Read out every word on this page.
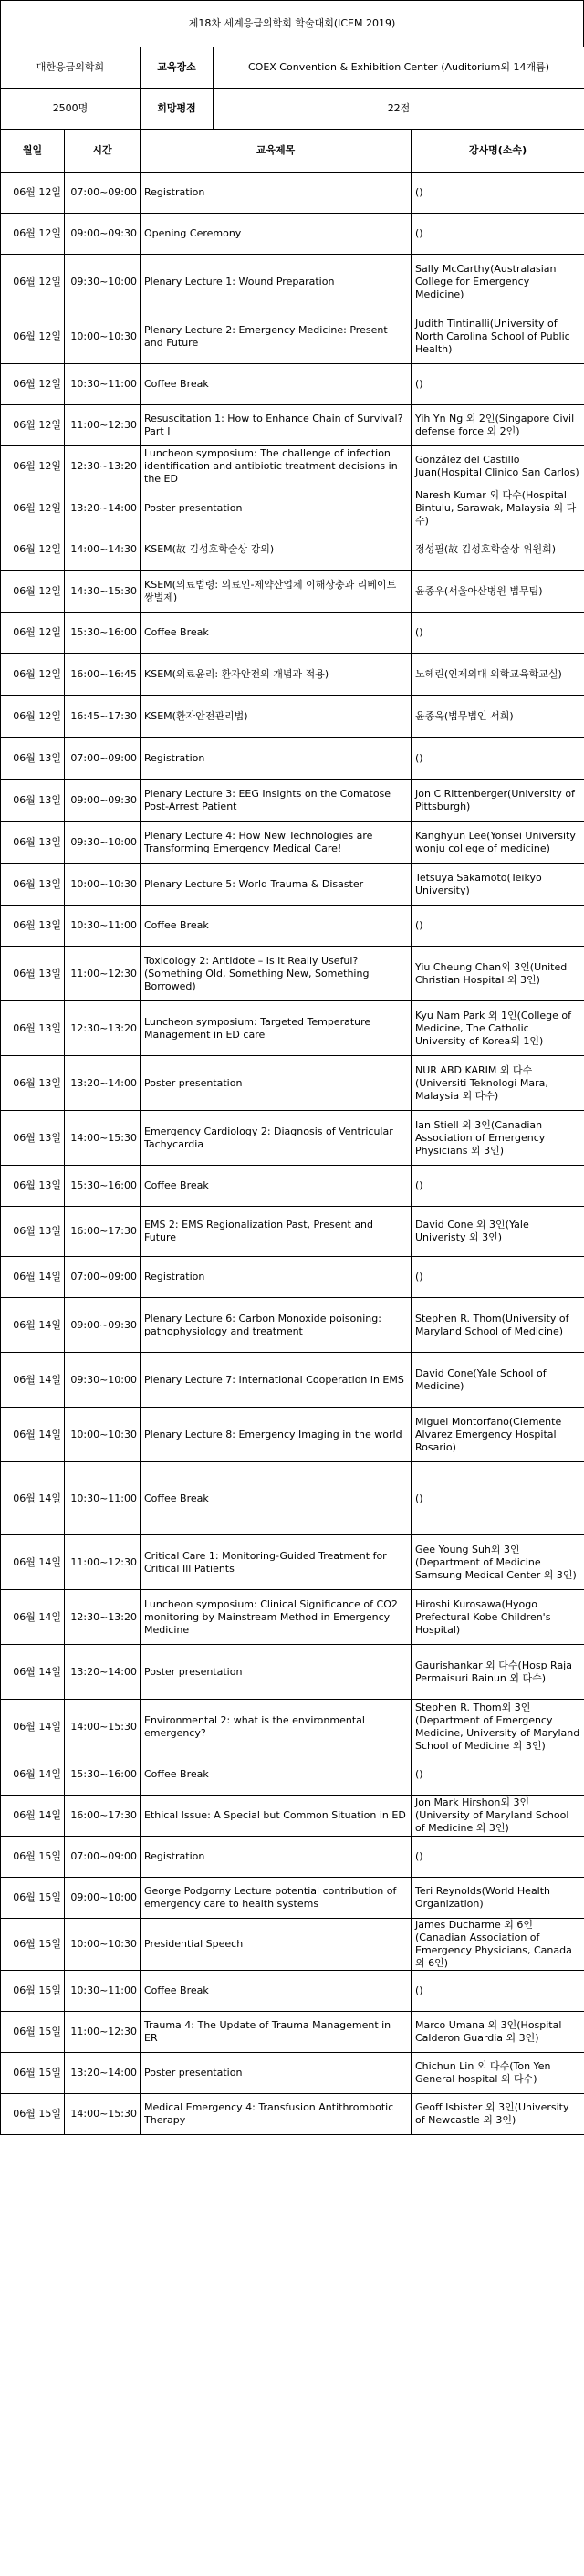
제18차 세계응급의학회 학술대회(ICEM 2019)
대한응급의학회	교육장소	COEX Convention & Exhibition Center (Auditorium외 14개룸)
2500명	희망평점	22점
월일	시간	교육제목	강사명(소속)
06월 12일	07:00~09:00	Registration	()
06월 12일	09:00~09:30	Opening Ceremony	()
06월 12일	09:30~10:00	Plenary Lecture 1: Wound Preparation	Sally McCarthy(Australasian College for Emergency Medicine)
06월 12일	10:00~10:30	Plenary Lecture 2: Emergency Medicine: Present and Future	Judith Tintinalli(University of North Carolina School of Public Health)
06월 12일	10:30~11:00	Coffee Break	()
06월 12일	11:00~12:30	Resuscitation 1: How to Enhance Chain of Survival? Part I	Yih Yn Ng 외 2인(Singapore Civil defense force 외 2인)
06월 12일	12:30~13:20	Luncheon symposium: The challenge of infection identification and antibiotic treatment decisions in the ED	González del Castillo Juan(Hospital Clinico San Carlos)
06월 12일	13:20~14:00	Poster presentation	Naresh Kumar 외 다수(Hospital Bintulu, Sarawak, Malaysia 외 다수)
06월 12일	14:00~14:30	KSEM(故 김성호학술상 강의)	정성필(故 김성호학술상 위원회)
06월 12일	14:30~15:30	KSEM(의료법령: 의료인-제약산업체 이해상충과 리베이트 쌍벌제)	윤종우(서울아산병원 법무팀)
06월 12일	15:30~16:00	Coffee Break	()
06월 12일	16:00~16:45	KSEM(의료윤리: 환자안전의 개념과 적용)	노혜린(인제의대 의학교육학교실)
06월 12일	16:45~17:30	KSEM(환자안전관리법)	윤종욱(법무법인 서희)
06월 13일	07:00~09:00	Registration	()
06월 13일	09:00~09:30	Plenary Lecture 3: EEG Insights on the Comatose Post-Arrest Patient	Jon C Rittenberger(University of Pittsburgh)
06월 13일	09:30~10:00	Plenary Lecture 4: How New Technologies are Transforming Emergency Medical Care!	Kanghyun Lee(Yonsei University wonju college of medicine)
06월 13일	10:00~10:30	Plenary Lecture 5: World Trauma & Disaster	Tetsuya Sakamoto(Teikyo University)
06월 13일	10:30~11:00	Coffee Break	()
06월 13일	11:00~12:30	Toxicology 2: Antidote – Is It Really Useful? (Something Old, Something New, Something Borrowed)	Yiu Cheung Chan외 3인(United Christian Hospital 외 3인)
06월 13일	12:30~13:20	Luncheon symposium: Targeted Temperature Management in ED care	Kyu Nam Park 외 1인(College of Medicine, The Catholic University of Korea외 1인)
06월 13일	13:20~14:00	Poster presentation	NUR ABD KARIM 외 다수(Universiti Teknologi Mara, Malaysia 외 다수)
06월 13일	14:00~15:30	Emergency Cardiology 2: Diagnosis of Ventricular Tachycardia	Ian Stiell 외 3인(Canadian Association of Emergency Physicians 외 3인)
06월 13일	15:30~16:00	Coffee Break	()
06월 13일	16:00~17:30	EMS 2: EMS Regionalization Past, Present and Future	David Cone 외 3인(Yale Univeristy 외 3인)
06월 14일	07:00~09:00	Registration	()
06월 14일	09:00~09:30	Plenary Lecture 6: Carbon Monoxide poisoning: pathophysiology and treatment	Stephen R. Thom(University of Maryland School of Medicine)
06월 14일	09:30~10:00	Plenary Lecture 7: International Cooperation in EMS	David Cone(Yale School of Medicine)
06월 14일	10:00~10:30	Plenary Lecture 8: Emergency Imaging in the world	Miguel Montorfano(Clemente Alvarez Emergency Hospital Rosario)
06월 14일	10:30~11:00	Coffee Break	()
06월 14일	11:00~12:30	Critical Care 1: Monitoring-Guided Treatment for Critical Ill Patients	Gee Young Suh외 3인(Department of Medicine Samsung Medical Center 외 3인)
06월 14일	12:30~13:20	Luncheon symposium: Clinical Significance of CO2 monitoring by Mainstream Method in Emergency Medicine	Hiroshi Kurosawa(Hyogo Prefectural Kobe Children's Hospital)
06월 14일	13:20~14:00	Poster presentation	Gaurishankar 외 다수(Hosp Raja Permaisuri Bainun 외 다수)
06월 14일	14:00~15:30	Environmental 2: what is the environmental emergency?	Stephen R. Thom외 3인(Department of Emergency Medicine, University of Maryland School of Medicine 외 3인)
06월 14일	15:30~16:00	Coffee Break	()
06월 14일	16:00~17:30	Ethical Issue: A Special but Common Situation in ED	Jon Mark Hirshon외 3인(University of Maryland School of Medicine 외 3인)
06월 15일	07:00~09:00	Registration	()
06월 15일	09:00~10:00	George Podgorny Lecture potential contribution of emergency care to health systems	Teri Reynolds(World Health Organization)
06월 15일	10:00~10:30	Presidential Speech	James Ducharme 외 6인(Canadian Association of Emergency Physicians, Canada 외 6인)
06월 15일	10:30~11:00	Coffee Break	()
06월 15일	11:00~12:30	Trauma 4: The Update of Trauma Management in ER	Marco Umana 외 3인(Hospital Calderon Guardia 외 3인)
06월 15일	13:20~14:00	Poster presentation	Chichun Lin 외 다수(Ton Yen General hospital 외 다수)
06월 15일	14:00~15:30	Medical Emergency 4: Transfusion Antithrombotic Therapy	Geoff Isbister 외 3인(University of Newcastle 외 3인)
